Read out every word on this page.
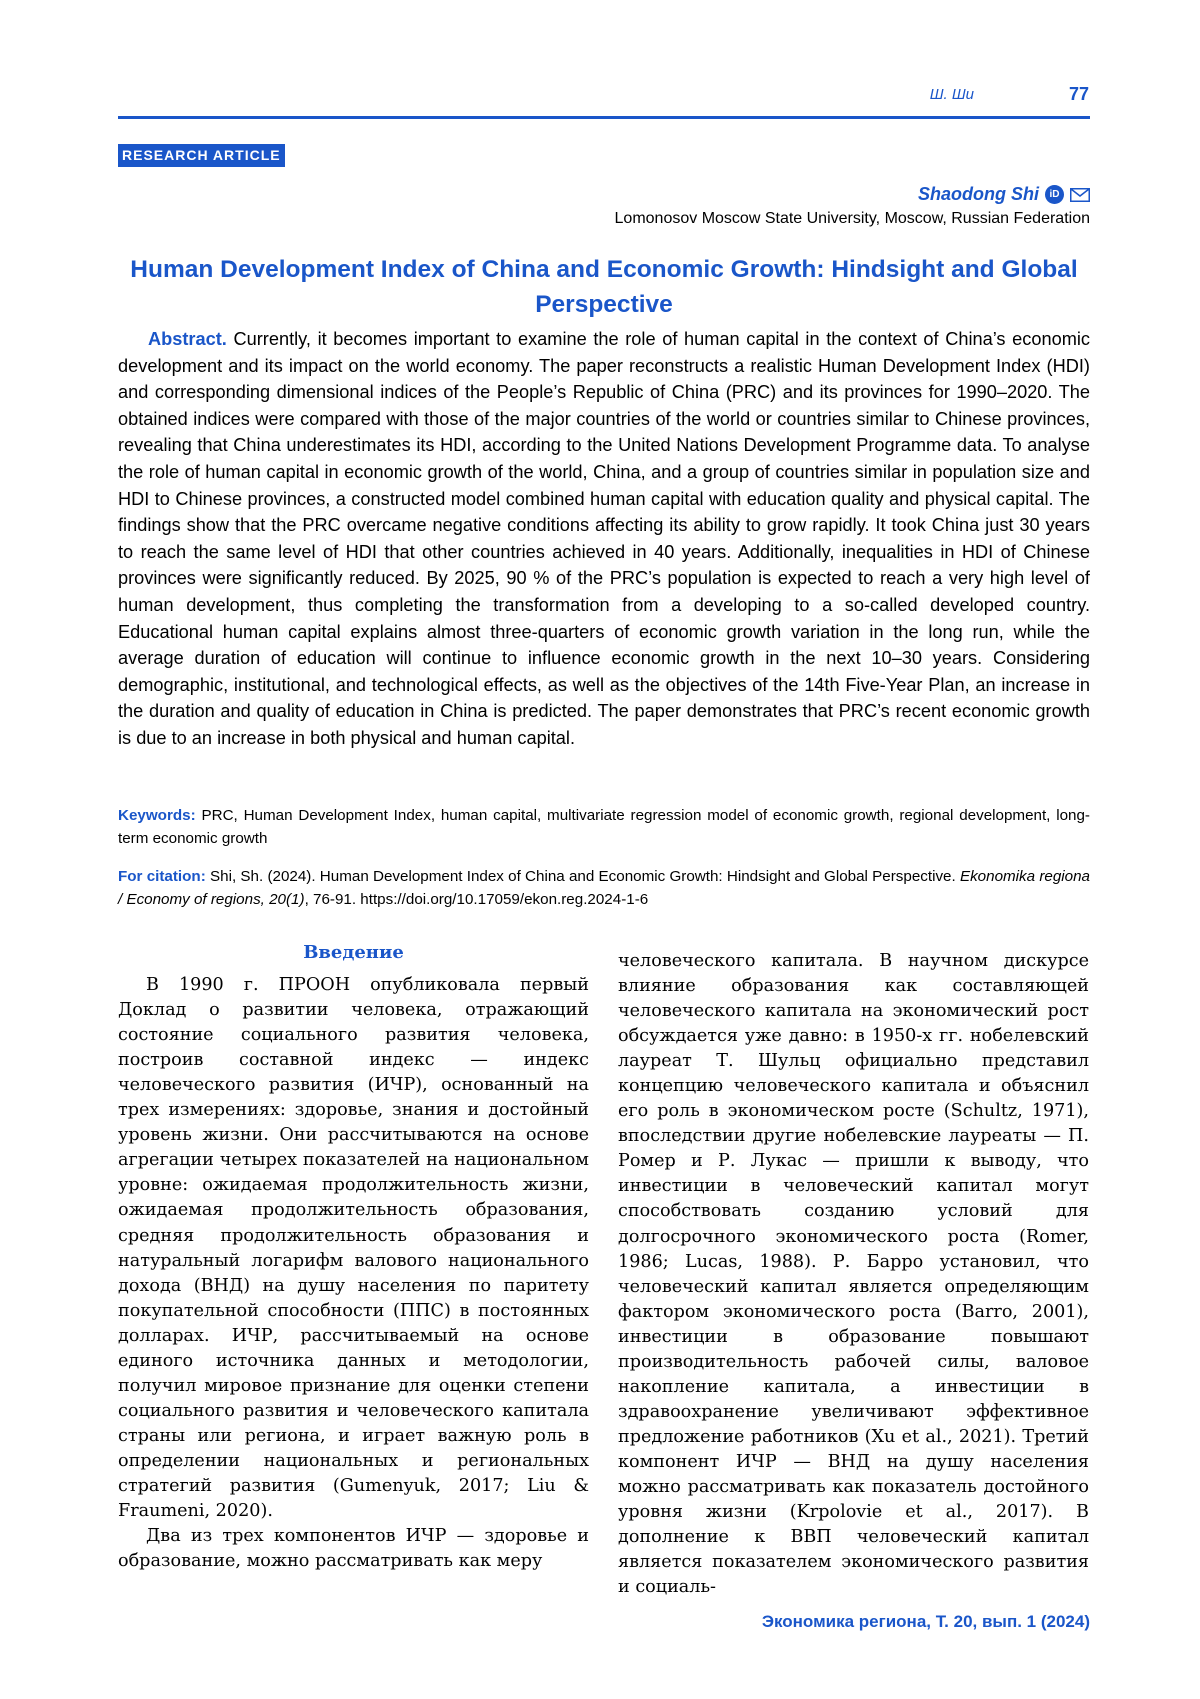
Ш. Ши	77
RESEARCH ARTICLE
Shaodong Shi	iD
Lomonosov Moscow State University, Moscow, Russian Federation
Human Development Index of China and Economic Growth: Hindsight and Global Perspective
Abstract. Currently, it becomes important to examine the role of human capital in the context of China’s economic development and its impact on the world economy. The paper reconstructs a realistic Human Development Index (HDI) and corresponding dimensional indices of the People’s Republic of China (PRC) and its provinces for 1990–2020. The obtained indices were compared with those of the major countries of the world or countries similar to Chinese provinces, revealing that China underestimates its HDI, according to the United Nations Development Programme data. To analyse the role of human capital in economic growth of the world, China, and a group of countries similar in population size and HDI to Chinese provinces, a constructed model combined human capital with education quality and physical capital. The findings show that the PRC overcame negative conditions affecting its ability to grow rapidly. It took China just 30 years to reach the same level of HDI that other countries achieved in 40 years. Additionally, inequalities in HDI of Chinese provinces were significantly reduced. By 2025, 90 % of the PRC’s population is expected to reach a very high level of human development, thus completing the transformation from a developing to a so-called developed country. Educational human capital explains almost three-quarters of economic growth variation in the long run, while the average duration of education will continue to influence economic growth in the next 10–30 years. Considering demographic, institutional, and technological effects, as well as the objectives of the 14th Five-Year Plan, an increase in the duration and quality of education in China is predicted. The paper demonstrates that PRC’s recent economic growth is due to an increase in both physical and human capital.
Keywords: PRC, Human Development Index, human capital, multivariate regression model of economic growth, regional development, long-term economic growth
For citation: Shi, Sh. (2024). Human Development Index of China and Economic Growth: Hindsight and Global Perspective. Ekonomika regiona / Economy of regions, 20(1), 76-91. https://doi.org/10.17059/ekon.reg.2024-1-6

Введение

В 1990 г. ПРООН опубликовала первый Доклад о развитии человека, отражающий состояние социального развития человека, построив составной индекс — индекс человеческого развития (ИЧР), основанный на трех измерениях: здоровье, знания и достойный уровень жизни. Они рассчитываются на основе агрегации четырех показателей на национальном уровне: ожидаемая продолжительность жизни, ожидаемая продолжительность образования, средняя продолжительность образования и натуральный логарифм валового национального дохода (ВНД) на душу населения по паритету покупательной способности (ППС) в постоянных долларах. ИЧР, рассчитываемый на основе единого источника данных и методологии, получил мировое признание для оценки степени социального развития и человеческого капитала страны или региона, и играет важную роль в определении национальных и региональных стратегий развития (Gumenyuk, 2017; Liu & Fraumeni, 2020).

Два из трех компонентов ИЧР — здоровье и образование, можно рассматривать как меру

человеческого капитала. В научном дискурсе влияние образования как составляющей человеческого капитала на экономический рост обсуждается уже давно: в 1950-х гг. нобелевский лауреат Т. Шульц официально представил концепцию человеческого капитала и объяснил его роль в экономическом росте (Schultz, 1971), впоследствии другие нобелевские лауреаты — П. Ромер и Р. Лукас — пришли к выводу, что инвестиции в человеческий капитал могут способствовать созданию условий для долгосрочного экономического роста (Romer, 1986; Lucas, 1988). Р. Барро установил, что человеческий капитал является определяющим фактором экономического роста (Barro, 2001), инвестиции в образование повышают производительность рабочей силы, валовое накопление капитала, а инвестиции в здравоохранение увеличивают эффективное предложение работников (Xu et al., 2021). Третий компонент ИЧР — ВНД на душу населения можно рассматривать как показатель достойного уровня жизни (Krpolovie et al., 2017). В дополнение к ВВП человеческий капитал является показателем экономического развития и социаль-

Экономика региона, Т. 20, вып. 1 (2024)
